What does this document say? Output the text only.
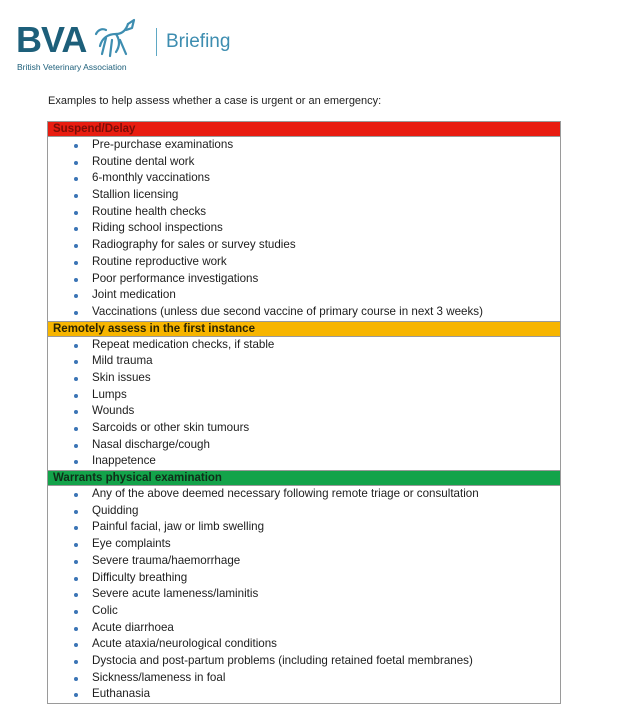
BVA	Briefing
British Veterinary Association
Examples to help assess whether a case is urgent or an emergency:
Suspend/Delay
Pre-purchase examinations
Routine dental work
6-monthly vaccinations
Stallion licensing
Routine health checks
Riding school inspections
Radiography for sales or survey studies
Routine reproductive work
Poor performance investigations
Joint medication
Vaccinations (unless due second vaccine of primary course in next 3 weeks)
Remotely assess in the first instance
Repeat medication checks, if stable
Mild trauma
Skin issues
Lumps
Wounds
Sarcoids or other skin tumours
Nasal discharge/cough
Inappetence
Warrants physical examination
Any of the above deemed necessary following remote triage or consultation
Quidding
Painful facial, jaw or limb swelling
Eye complaints
Severe trauma/haemorrhage
Difficulty breathing
Severe acute lameness/laminitis
Colic
Acute diarrhoea
Acute ataxia/neurological conditions
Dystocia and post-partum problems (including retained foetal membranes)
Sickness/lameness in foal
Euthanasia
